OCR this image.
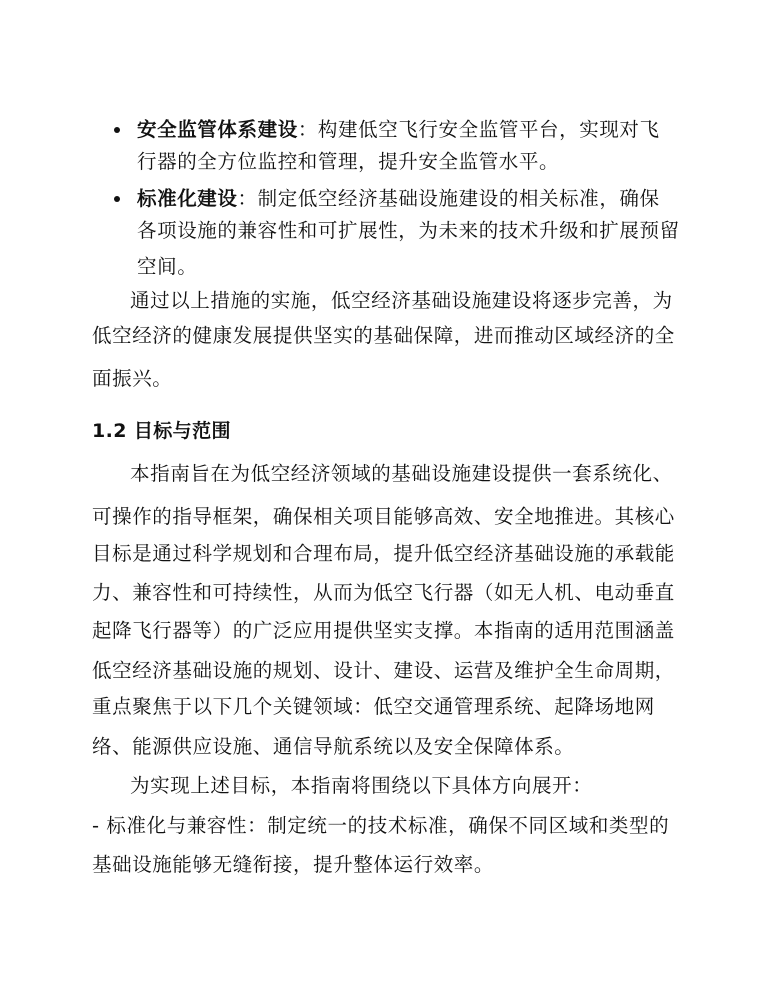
安全监管体系建设：构建低空飞行安全监管平台，实现对飞
行器的全方位监控和管理，提升安全监管水平。
标准化建设：制定低空经济基础设施建设的相关标准，确保
各项设施的兼容性和可扩展性，为未来的技术升级和扩展预留
空间。
通过以上措施的实施，低空经济基础设施建设将逐步完善，为
低空经济的健康发展提供坚实的基础保障，进而推动区域经济的全
面振兴。
1.2 目标与范围
本指南旨在为低空经济领域的基础设施建设提供一套系统化、
可操作的指导框架，确保相关项目能够高效、安全地推进。其核心
目标是通过科学规划和合理布局，提升低空经济基础设施的承载能
力、兼容性和可持续性，从而为低空飞行器（如无人机、电动垂直
起降飞行器等）的广泛应用提供坚实支撑。本指南的适用范围涵盖
低空经济基础设施的规划、设计、建设、运营及维护全生命周期，
重点聚焦于以下几个关键领域：低空交通管理系统、起降场地网
络、能源供应设施、通信导航系统以及安全保障体系。
为实现上述目标，本指南将围绕以下具体方向展开：
- 标准化与兼容性：制定统一的技术标准，确保不同区域和类型的
基础设施能够无缝衔接，提升整体运行效率。
